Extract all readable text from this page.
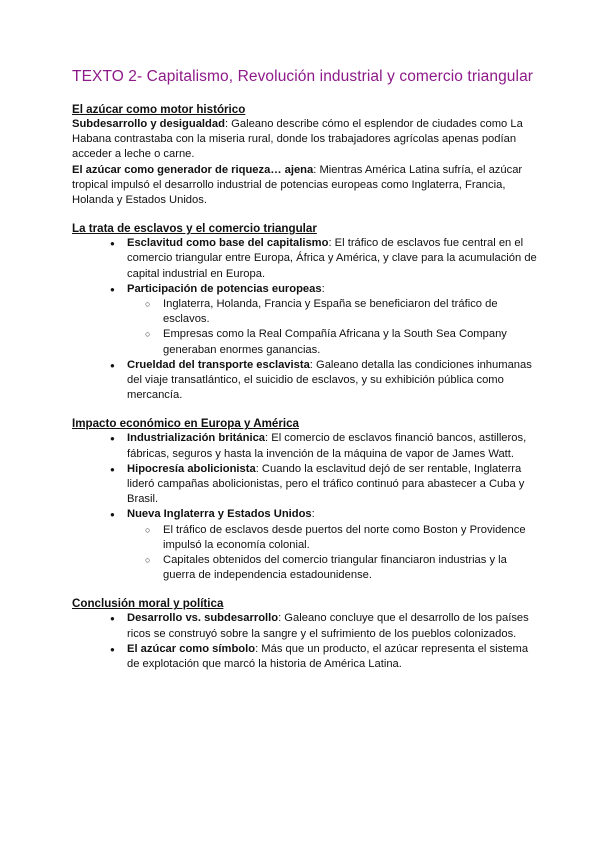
TEXTO 2- Capitalismo, Revolución industrial y comercio triangular
El azúcar como motor histórico

Subdesarrollo y desigualdad: Galeano describe cómo el esplendor de ciudades como La Habana contrastaba con la miseria rural, donde los trabajadores agrícolas apenas podían acceder a leche o carne.

El azúcar como generador de riqueza… ajena: Mientras América Latina sufría, el azúcar tropical impulsó el desarrollo industrial de potencias europeas como Inglaterra, Francia, Holanda y Estados Unidos.

La trata de esclavos y el comercio triangular
● Esclavitud como base del capitalismo: El tráfico de esclavos fue central en el comercio triangular entre Europa, África y América, y clave para la acumulación de capital industrial en Europa.
● Participación de potencias europeas:
○ Inglaterra, Holanda, Francia y España se beneficiaron del tráfico de esclavos.
○ Empresas como la Real Compañía Africana y la South Sea Company generaban enormes ganancias.
● Crueldad del transporte esclavista: Galeano detalla las condiciones inhumanas del viaje transatlántico, el suicidio de esclavos, y su exhibición pública como mercancía.
Impacto económico en Europa y América
● Industrialización británica: El comercio de esclavos financió bancos, astilleros, fábricas, seguros y hasta la invención de la máquina de vapor de James Watt.
● Hipocresía abolicionista: Cuando la esclavitud dejó de ser rentable, Inglaterra lideró campañas abolicionistas, pero el tráfico continuó para abastecer a Cuba y Brasil.
● Nueva Inglaterra y Estados Unidos:
○ El tráfico de esclavos desde puertos del norte como Boston y Providence impulsó la economía colonial.
○ Capitales obtenidos del comercio triangular financiaron industrias y la guerra de independencia estadounidense.
Conclusión moral y política
● Desarrollo vs. subdesarrollo: Galeano concluye que el desarrollo de los países ricos se construyó sobre la sangre y el sufrimiento de los pueblos colonizados.
● El azúcar como símbolo: Más que un producto, el azúcar representa el sistema de explotación que marcó la historia de América Latina.
